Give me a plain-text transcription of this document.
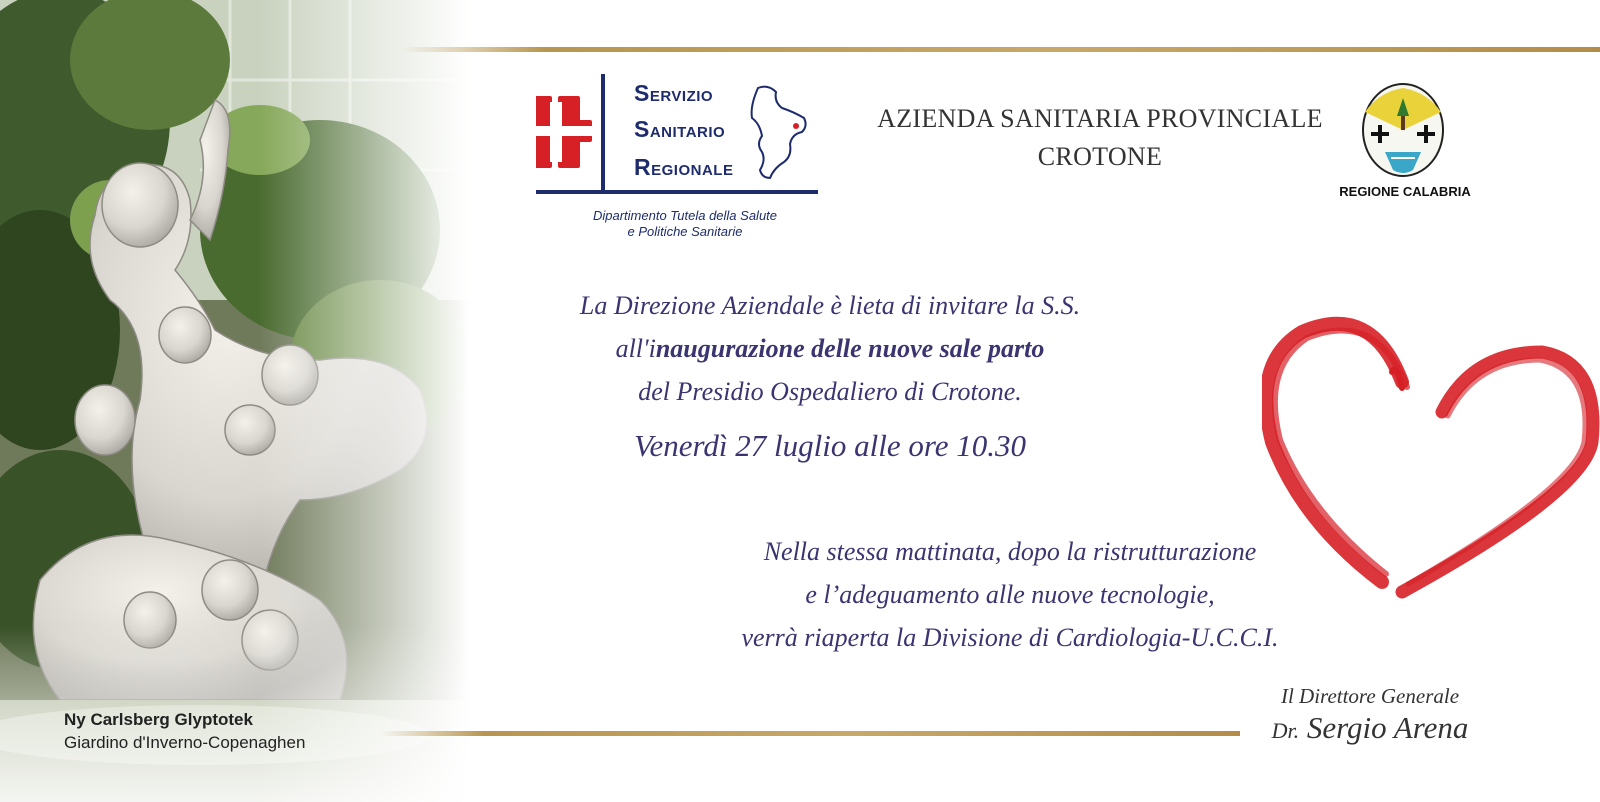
Ny Carlsberg Glyptotek
Giardino d'Inverno-Copenaghen
SERVIZIO
SANITARIO
REGIONALE
Dipartimento Tutela della Salute
e Politiche Sanitarie
AZIENDA SANITARIA PROVINCIALE
CROTONE
REGIONE CALABRIA
La Direzione Aziendale è lieta di invitare la S.S.
all'inaugurazione delle nuove sale parto
del Presidio Ospedaliero di Crotone.
Venerdì 27 luglio alle ore 10.30
Nella stessa mattinata, dopo la ristrutturazione
e l’adeguamento alle nuove tecnologie,
verrà riaperta la Divisione di Cardiologia-U.C.C.I.
Il Direttore Generale
Dr. Sergio Arena
